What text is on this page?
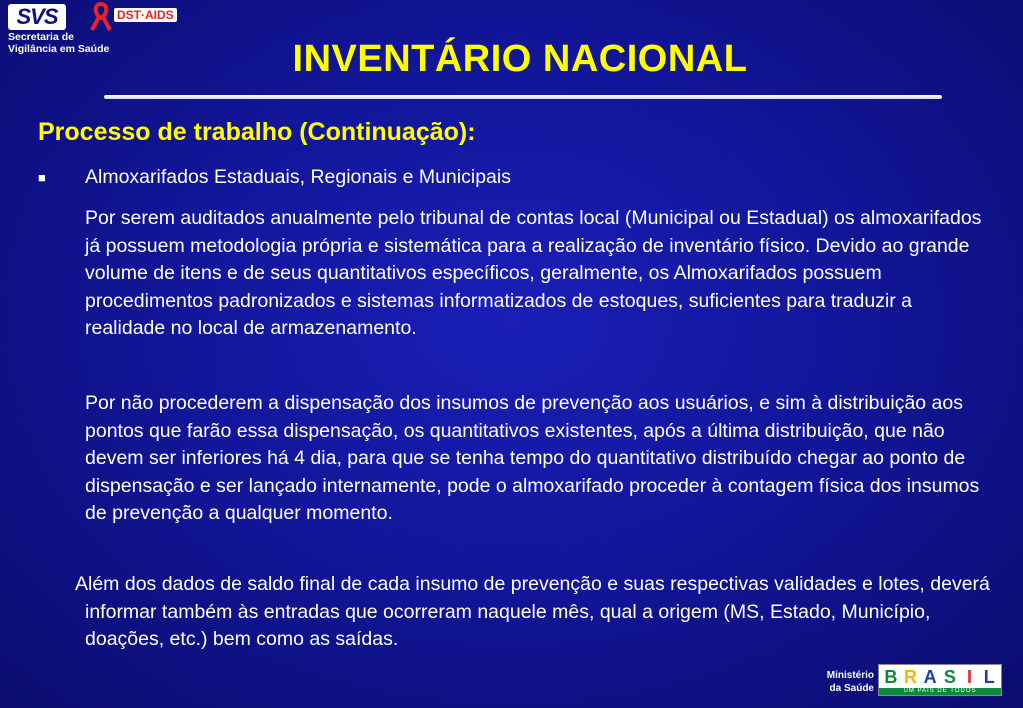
SVS
Secretaria de
Vigilância em Saúde
DST·AIDS
INVENTÁRIO NACIONAL
Processo de trabalho (Continuação):
■ Almoxarifados Estaduais, Regionais e Municipais
Por serem auditados anualmente pelo tribunal de contas local (Municipal ou Estadual) os almoxarifados já possuem metodologia própria e sistemática para a realização de inventário físico. Devido ao grande volume de itens e de seus quantitativos específicos, geralmente, os Almoxarifados possuem procedimentos padronizados e sistemas informatizados de estoques, suficientes para traduzir a realidade no local de armazenamento.
Por não procederem a dispensação dos insumos de prevenção aos usuários, e sim à distribuição aos pontos que farão essa dispensação, os quantitativos existentes, após a última distribuição, que não devem ser inferiores há 4 dia, para que se tenha tempo do quantitativo distribuído chegar ao ponto de dispensação e ser lançado internamente, pode o almoxarifado proceder à contagem física dos insumos de prevenção a qualquer momento.
Além dos dados de saldo final de cada insumo de prevenção e suas respectivas validades e lotes, deverá informar também às entradas que ocorreram naquele mês, qual a origem (MS, Estado, Município, doações, etc.) bem como as saídas.
Ministério
da Saúde
B R A S I L
UM PAÍS DE TODOS
